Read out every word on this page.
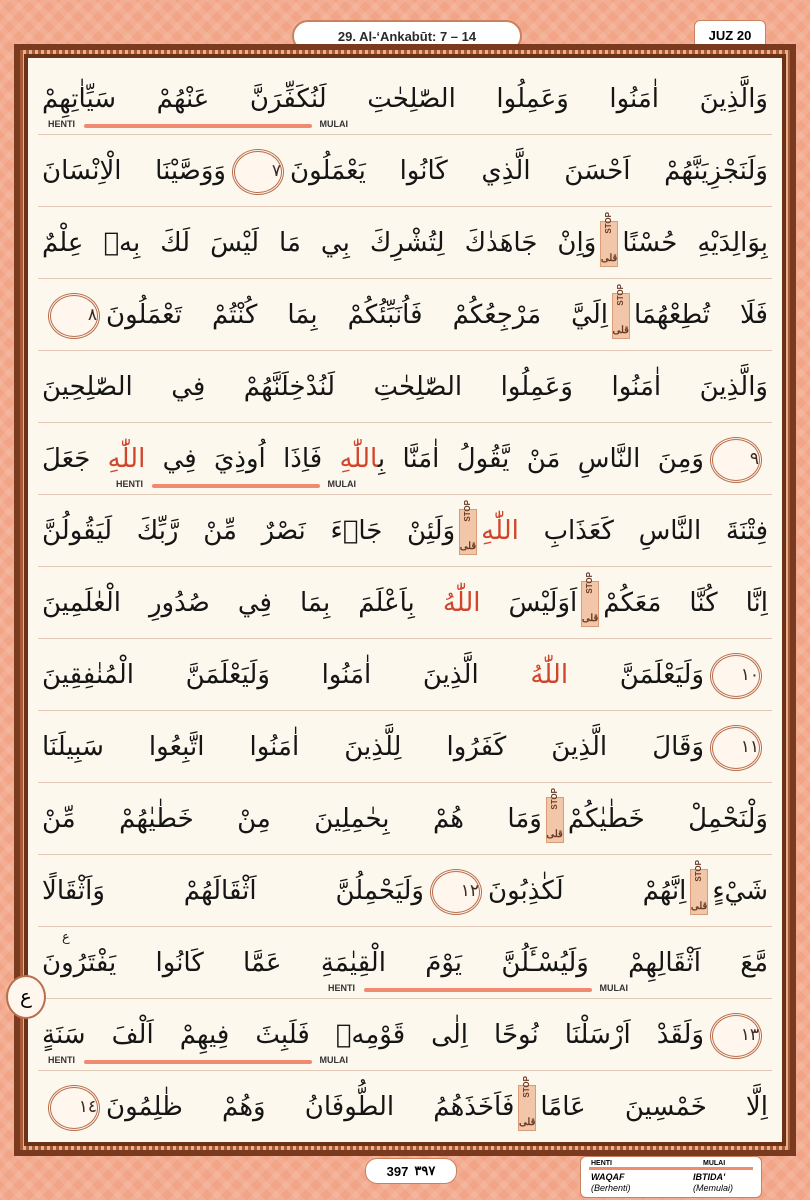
29. Al-‘Ankabūt: 7 – 14	JUZ 20
وَالَّذِينَ اٰمَنُوا وَعَمِلُوا الصّٰلِحٰتِ لَنُكَفِّرَنَّ عَنْهُمْ سَيِّاٰتِهِمْ
وَلَنَجْزِيَنَّهُمْ اَحْسَنَ الَّذِي كَانُوا يَعْمَلُونَ٧وَوَصَّيْنَا الْاِنْسَانَ
بِوَالِدَيْهِ حُسْنًا
قلى
STOP
وَاِنْ جَاهَدٰكَ لِتُشْرِكَ بِي مَا لَيْسَ لَكَ بِهٖ عِلْمٌ
فَلَا تُطِعْهُمَا
قلى
STOP
اِلَيَّ مَرْجِعُكُمْ فَاُنَبِّئُكُمْ بِمَا كُنْتُمْ تَعْمَلُونَ٨
وَالَّذِينَ اٰمَنُوا وَعَمِلُوا الصّٰلِحٰتِ لَنُدْخِلَنَّهُمْ فِي الصّٰلِحِينَ
٩وَمِنَ النَّاسِ مَنْ يَّقُولُ اٰمَنَّا بِاللّٰهِ فَاِذَا اُوذِيَ فِي اللّٰهِ جَعَلَ
فِتْنَةَ النَّاسِ كَعَذَابِ اللّٰهِ
قلى
STOP
وَلَئِنْ جَاۤءَ نَصْرٌ مِّنْ رَّبِّكَ لَيَقُولُنَّ
اِنَّا كُنَّا مَعَكُمْ
قلى
STOP
اَوَلَيْسَ اللّٰهُ بِاَعْلَمَ بِمَا فِي صُدُورِ الْعٰلَمِينَ
١٠وَلَيَعْلَمَنَّ اللّٰهُ الَّذِينَ اٰمَنُوا وَلَيَعْلَمَنَّ الْمُنٰفِقِينَ
١١وَقَالَ الَّذِينَ كَفَرُوا لِلَّذِينَ اٰمَنُوا اتَّبِعُوا سَبِيلَنَا
وَلْنَحْمِلْ خَطٰيٰكُمْ
قلى
STOP
وَمَا هُمْ بِحٰمِلِينَ مِنْ خَطٰيٰهُمْ مِّنْ
شَيْءٍ
قلى
STOP
اِنَّهُمْ لَكٰذِبُونَ١٢وَلَيَحْمِلُنَّ اَثْقَالَهُمْ وَاَثْقَالًا
مَّعَ اَثْقَالِهِمْ وَلَيُسْـَٔلُنَّ يَوْمَ الْقِيٰمَةِ عَمَّا كَانُوا يَفْتَرُونَ
١٣وَلَقَدْ اَرْسَلْنَا نُوحًا اِلٰى قَوْمِهٖ فَلَبِثَ فِيهِمْ اَلْفَ سَنَةٍ
اِلَّا خَمْسِينَ عَامًا
قلى
STOP
فَاَخَذَهُمُ الطُّوفَانُ وَهُمْ ظٰلِمُونَ١٤
HENTI	MULAI
HENTI	MULAI
HENTI	MULAI
HENTI	MULAI
ع
ع
397 ٣٩٧	HENTI	MULAI
WAQAF	IBTIDA'
(Berhenti)	(Memulai)
